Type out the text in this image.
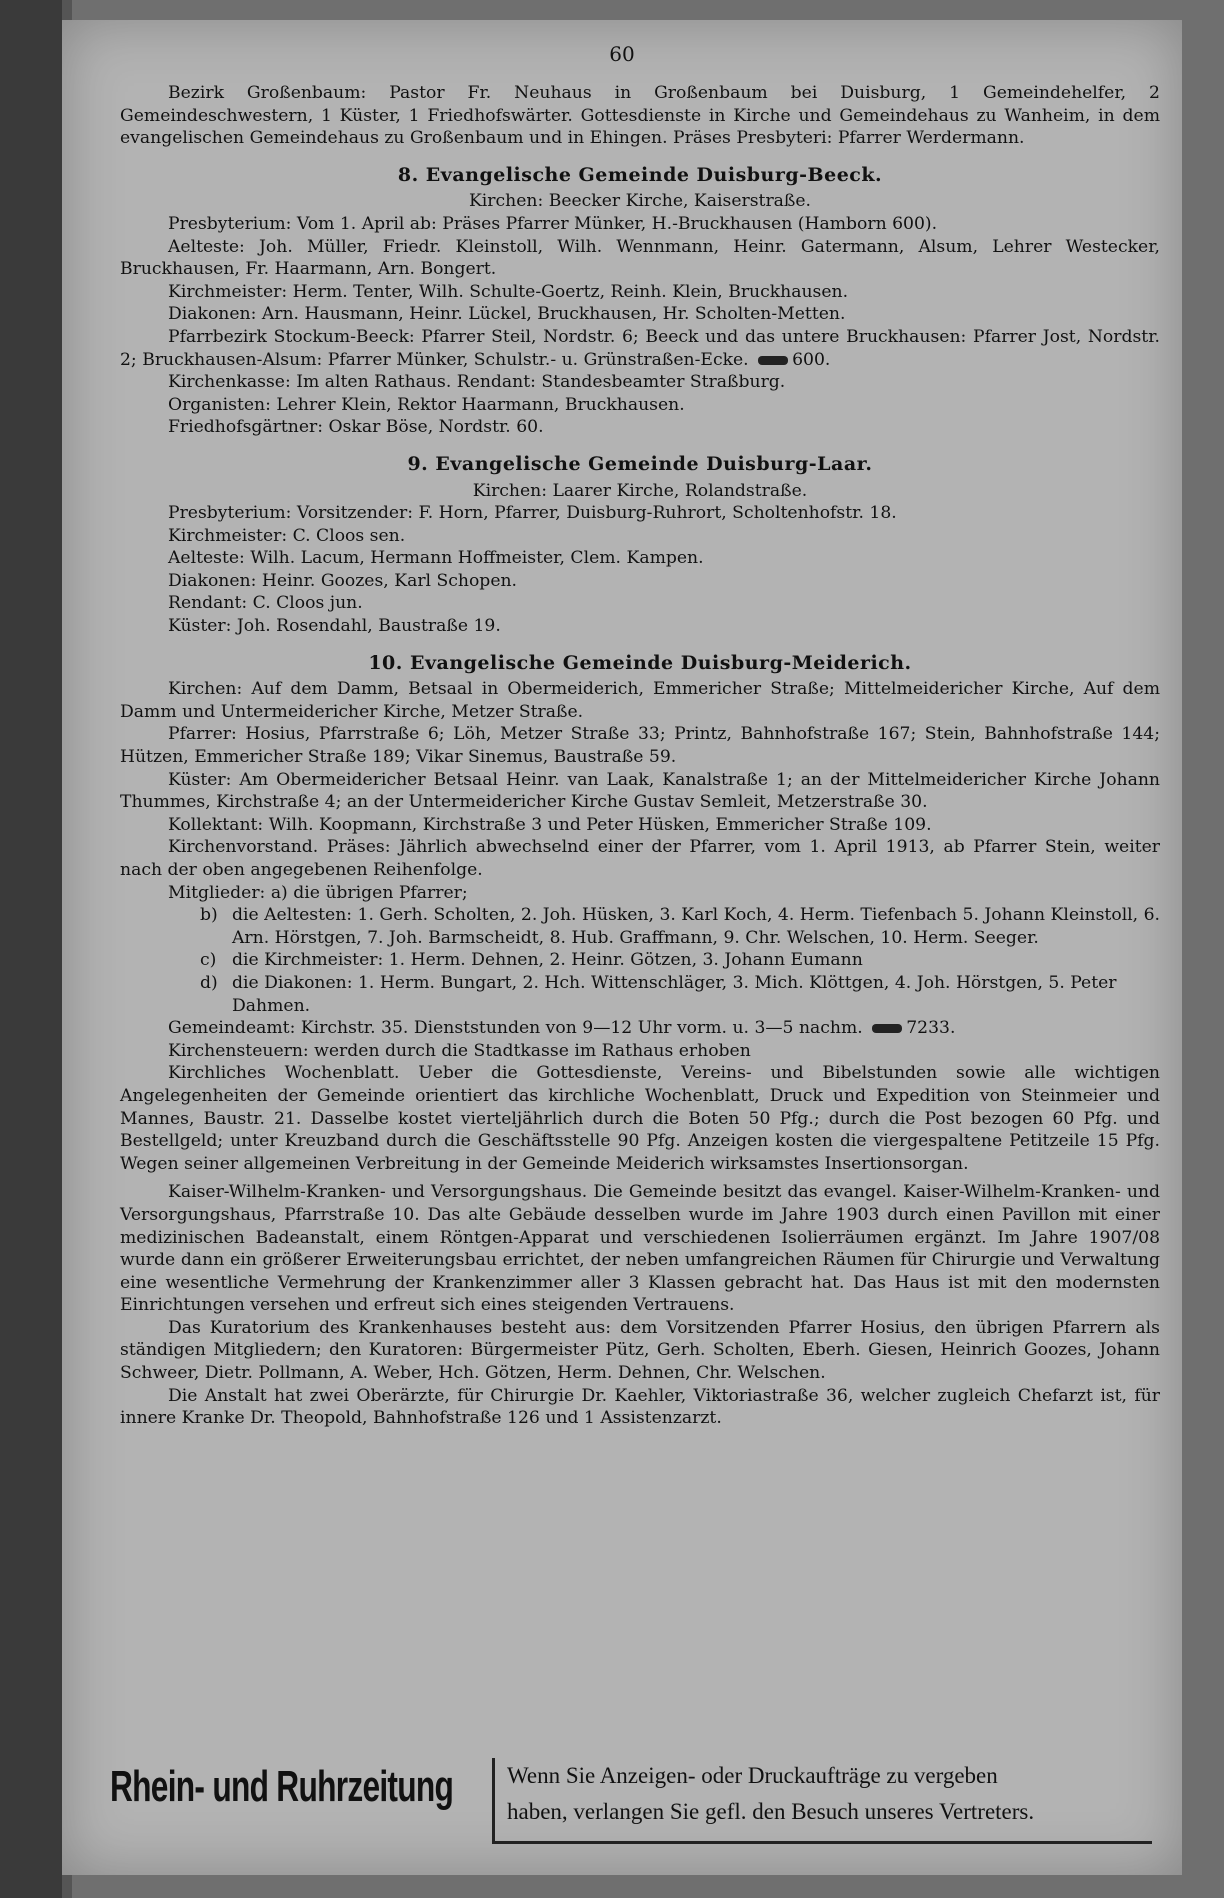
60

Bezirk Großenbaum: Pastor Fr. Neuhaus in Großenbaum bei Duisburg, 1 Gemeindehelfer, 2 Gemeindeschwestern, 1 Küster, 1 Friedhofswärter. Gottesdienste in Kirche und Gemeindehaus zu Wanheim, in dem evangelischen Gemeindehaus zu Großenbaum und in Ehingen. Präses Presbyteri: Pfarrer Werdermann.

8. Evangelische Gemeinde Duisburg-Beeck.

Kirchen: Beecker Kirche, Kaiserstraße.

Presbyterium: Vom 1. April ab: Präses Pfarrer Münker, H.-Bruckhausen (Hamborn 600).

Aelteste: Joh. Müller, Friedr. Kleinstoll, Wilh. Wennmann, Heinr. Gatermann, Alsum, Lehrer Westecker, Bruckhausen, Fr. Haarmann, Arn. Bongert.

Kirchmeister: Herm. Tenter, Wilh. Schulte-Goertz, Reinh. Klein, Bruckhausen.

Diakonen: Arn. Hausmann, Heinr. Lückel, Bruckhausen, Hr. Scholten-Metten.

Pfarrbezirk Stockum-Beeck: Pfarrer Steil, Nordstr. 6; Beeck und das untere Bruckhausen: Pfarrer Jost, Nordstr. 2; Bruckhausen-Alsum: Pfarrer Münker, Schulstr.- u. Grünstraßen-Ecke.	600.

Kirchenkasse: Im alten Rathaus. Rendant: Standesbeamter Straßburg.

Organisten: Lehrer Klein, Rektor Haarmann, Bruckhausen.

Friedhofsgärtner: Oskar Böse, Nordstr. 60.

9. Evangelische Gemeinde Duisburg-Laar.

Kirchen: Laarer Kirche, Rolandstraße.

Presbyterium: Vorsitzender: F. Horn, Pfarrer, Duisburg-Ruhrort, Scholtenhofstr. 18.

Kirchmeister: C. Cloos sen.

Aelteste: Wilh. Lacum, Hermann Hoffmeister, Clem. Kampen.

Diakonen: Heinr. Goozes, Karl Schopen.

Rendant: C. Cloos jun.

Küster: Joh. Rosendahl, Baustraße 19.

10. Evangelische Gemeinde Duisburg-Meiderich.

Kirchen: Auf dem Damm, Betsaal in Obermeiderich, Emmericher Straße; Mittelmeidericher Kirche, Auf dem Damm und Untermeidericher Kirche, Metzer Straße.

Pfarrer: Hosius, Pfarrstraße 6; Löh, Metzer Straße 33; Printz, Bahnhofstraße 167; Stein, Bahnhofstraße 144; Hützen, Emmericher Straße 189; Vikar Sinemus, Baustraße 59.

Küster: Am Obermeidericher Betsaal Heinr. van Laak, Kanalstraße 1; an der Mittelmeidericher Kirche Johann Thummes, Kirchstraße 4; an der Untermeidericher Kirche Gustav Semleit, Metzerstraße 30.

Kollektant: Wilh. Koopmann, Kirchstraße 3 und Peter Hüsken, Emmericher Straße 109.

Kirchenvorstand. Präses: Jährlich abwechselnd einer der Pfarrer, vom 1. April 1913, ab Pfarrer Stein, weiter nach der oben angegebenen Reihenfolge.

Mitglieder: a) die übrigen Pfarrer;

b) die Aeltesten: 1. Gerh. Scholten, 2. Joh. Hüsken, 3. Karl Koch, 4. Herm. Tiefenbach 5. Johann Kleinstoll, 6. Arn. Hörstgen, 7. Joh. Barmscheidt, 8. Hub. Graffmann, 9. Chr. Welschen, 10. Herm. Seeger.

c) die Kirchmeister: 1. Herm. Dehnen, 2. Heinr. Götzen, 3. Johann Eumann

d) die Diakonen: 1. Herm. Bungart, 2. Hch. Wittenschläger, 3. Mich. Klöttgen, 4. Joh. Hörstgen, 5. Peter Dahmen.

Gemeindeamt: Kirchstr. 35. Dienststunden von 9—12 Uhr vorm. u. 3—5 nachm.	7233.

Kirchensteuern: werden durch die Stadtkasse im Rathaus erhoben

Kirchliches Wochenblatt. Ueber die Gottesdienste, Vereins- und Bibelstunden sowie alle wichtigen Angelegenheiten der Gemeinde orientiert das kirchliche Wochenblatt, Druck und Expedition von Steinmeier und Mannes, Baustr. 21. Dasselbe kostet vierteljährlich durch die Boten 50 Pfg.; durch die Post bezogen 60 Pfg. und Bestellgeld; unter Kreuzband durch die Geschäftsstelle 90 Pfg. Anzeigen kosten die viergespaltene Petitzeile 15 Pfg. Wegen seiner allgemeinen Verbreitung in der Gemeinde Meiderich wirksamstes Insertionsorgan.

Kaiser-Wilhelm-Kranken- und Versorgungshaus. Die Gemeinde besitzt das evangel. Kaiser-Wilhelm-Kranken- und Versorgungshaus, Pfarrstraße 10. Das alte Gebäude desselben wurde im Jahre 1903 durch einen Pavillon mit einer medizinischen Badeanstalt, einem Röntgen-Apparat und verschiedenen Isolierräumen ergänzt. Im Jahre 1907/08 wurde dann ein größerer Erweiterungsbau errichtet, der neben umfangreichen Räumen für Chirurgie und Verwaltung eine wesentliche Vermehrung der Krankenzimmer aller 3 Klassen gebracht hat. Das Haus ist mit den modernsten Einrichtungen versehen und erfreut sich eines steigenden Vertrauens.

Das Kuratorium des Krankenhauses besteht aus: dem Vorsitzenden Pfarrer Hosius, den übrigen Pfarrern als ständigen Mitgliedern; den Kuratoren: Bürgermeister Pütz, Gerh. Scholten, Eberh. Giesen, Heinrich Goozes, Johann Schweer, Dietr. Pollmann, A. Weber, Hch. Götzen, Herm. Dehnen, Chr. Welschen.

Die Anstalt hat zwei Oberärzte, für Chirurgie Dr. Kaehler, Viktoriastraße 36, welcher zugleich Chefarzt ist, für innere Kranke Dr. Theopold, Bahnhofstraße 126 und 1 Assistenzarzt.

Rhein- und Ruhrzeitung Wenn Sie Anzeigen- oder Druckaufträge zu vergeben
haben, verlangen Sie gefl. den Besuch unseres Vertreters.
